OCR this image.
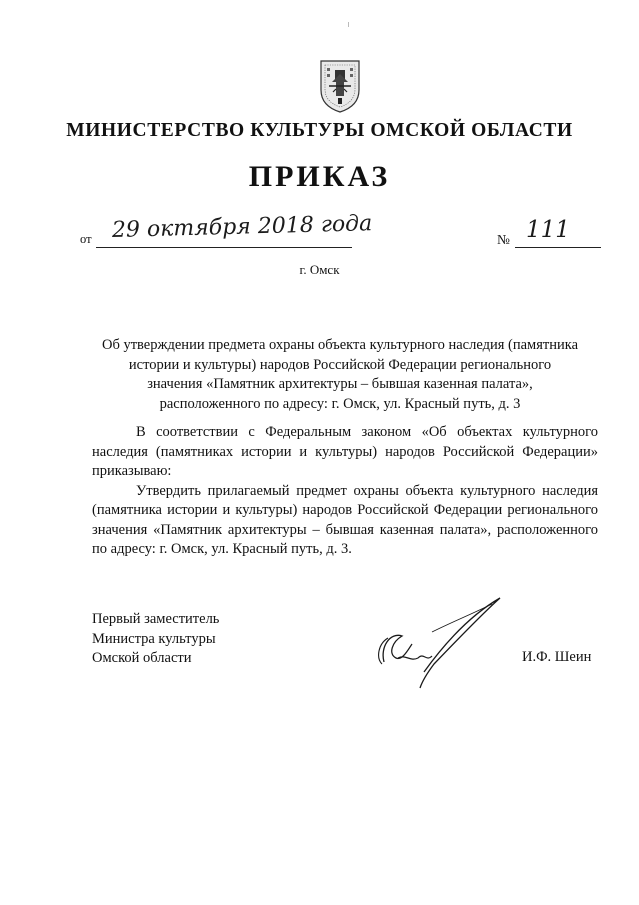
МИНИСТЕРСТВО КУЛЬТУРЫ ОМСКОЙ ОБЛАСТИ
ПРИКАЗ
от 29 октября 2018 года	№ 111
г. Омск
Об утверждении предмета охраны объекта культурного наследия (памятника
истории и культуры) народов Российской Федерации регионального
значения «Памятник архитектуры – бывшая казенная палата»,
расположенного по адресу: г. Омск, ул. Красный путь, д. 3
В соответствии с Федеральным законом «Об объектах культурного наследия (памятниках истории и культуры) народов Российской Федерации» приказываю:
Утвердить прилагаемый предмет охраны объекта культурного наследия (памятника истории и культуры) народов Российской Федерации регионального значения «Памятник архитектуры – бывшая казенная палата», расположенного по адресу: г. Омск, ул. Красный путь, д. 3.
Первый заместитель
Министра культуры
Омской области	И.Ф. Шеин
